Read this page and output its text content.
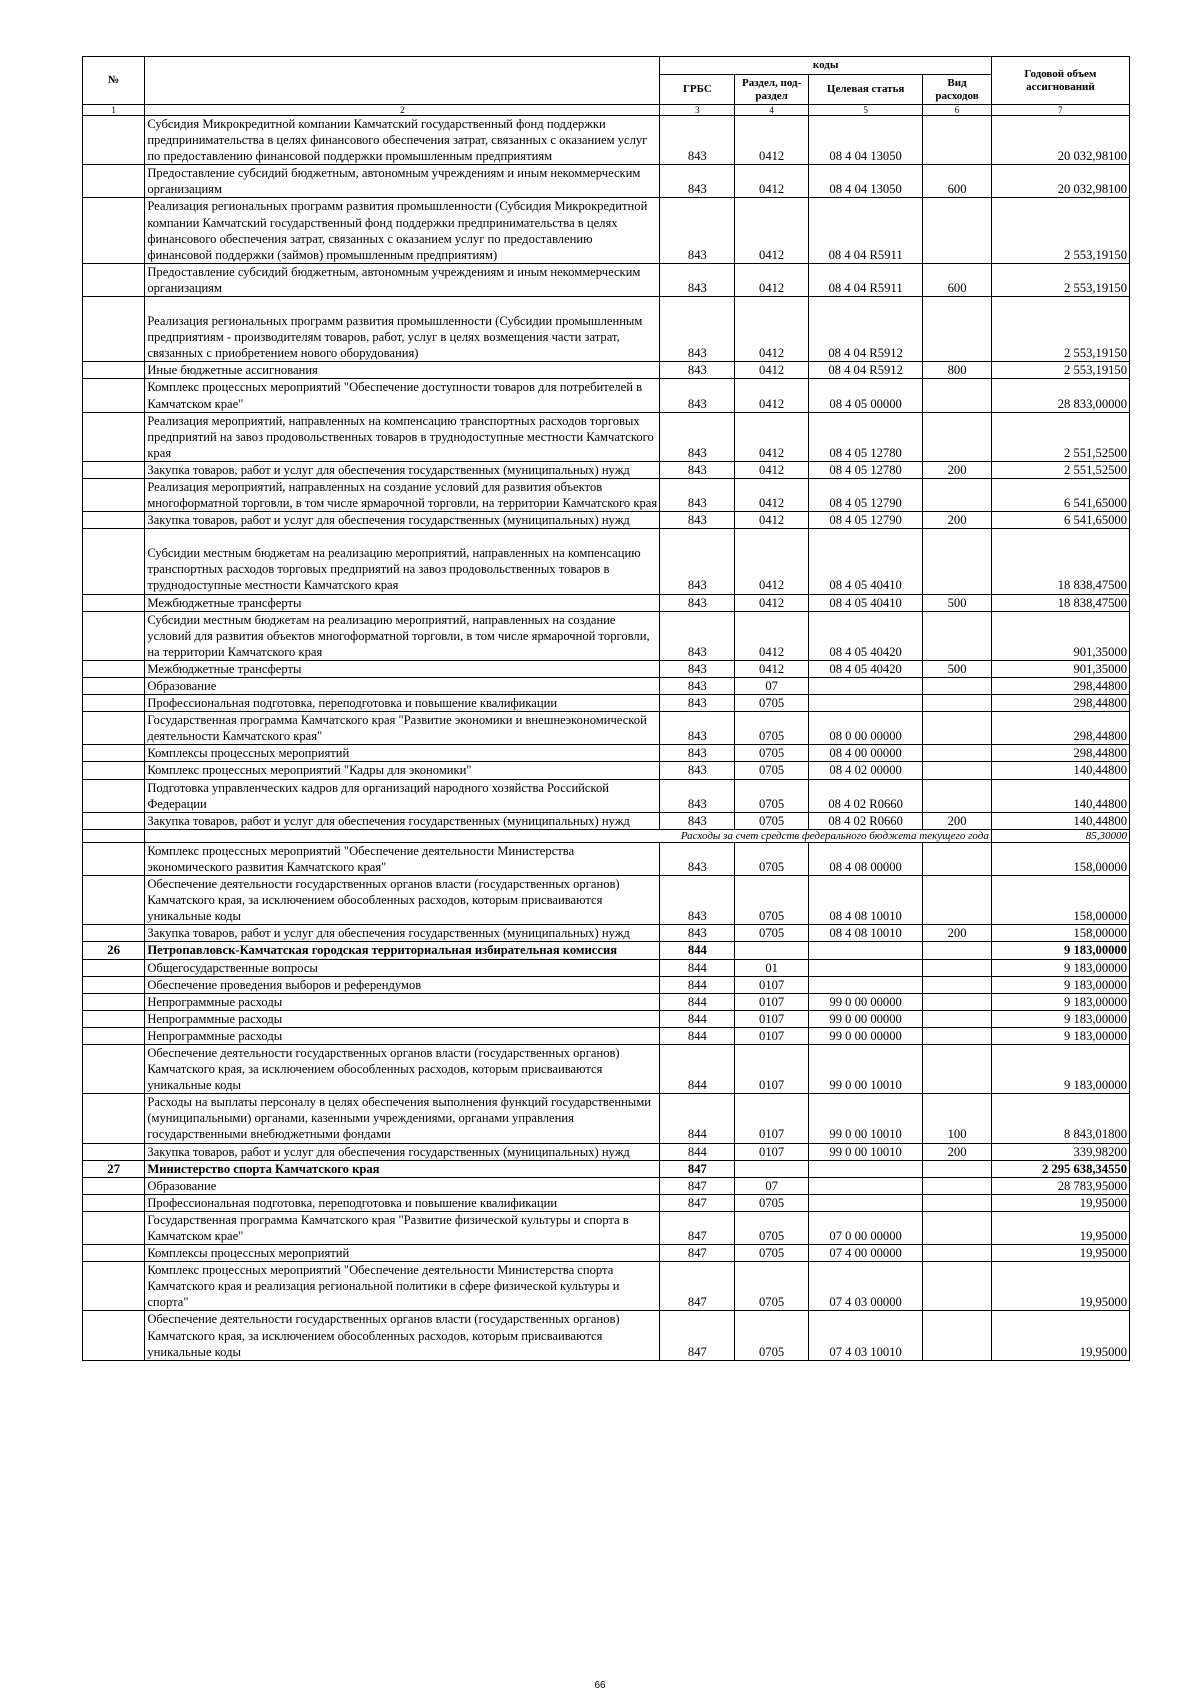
№		коды				Годовой объем ассигнований
		ГРБС	Раздел, под-раздел	Целевая статья	Вид расходов	
1	2	3	4	5	6	7
	Субсидия Микрокредитной компании Камчатский государственный фонд поддержки предпринимательства в целях финансового обеспечения затрат, связанных с оказанием услуг по предоставлению финансовой поддержки промышленным предприятиям	843	0412	08 4 04 13050		20 032,98100
	Предоставление субсидий бюджетным, автономным учреждениям и иным некоммерческим организациям	843	0412	08 4 04 13050	600	20 032,98100
	Реализация региональных программ развития промышленности (Субсидия Микрокредитной компании Камчатский государственный фонд поддержки предпринимательства в целях финансового обеспечения затрат, связанных с оказанием услуг по предоставлению финансовой поддержки (займов) промышленным предприятиям)	843	0412	08 4 04 R5911		2 553,19150
	Предоставление субсидий бюджетным, автономным учреждениям и иным некоммерческим организациям	843	0412	08 4 04 R5911	600	2 553,19150
	Реализация региональных программ развития промышленности (Субсидии промышленным предприятиям - производителям товаров, работ, услуг в целях возмещения части затрат, связанных с приобретением нового оборудования)	843	0412	08 4 04 R5912		2 553,19150
	Иные бюджетные ассигнования	843	0412	08 4 04 R5912	800	2 553,19150
	Комплекс процессных мероприятий "Обеспечение доступности товаров для потребителей в Камчатском крае"	843	0412	08 4 05 00000		28 833,00000
	Реализация мероприятий, направленных на компенсацию транспортных расходов торговых предприятий на завоз продовольственных товаров в труднодоступные местности Камчатского края	843	0412	08 4 05 12780		2 551,52500
	Закупка товаров, работ и услуг для обеспечения государственных (муниципальных) нужд	843	0412	08 4 05 12780	200	2 551,52500
	Реализация мероприятий, направленных на создание условий для развития объектов многоформатной торговли, в том числе ярмарочной торговли, на территории Камчатского края	843	0412	08 4 05 12790		6 541,65000
	Закупка товаров, работ и услуг для обеспечения государственных (муниципальных) нужд	843	0412	08 4 05 12790	200	6 541,65000
	Субсидии местным бюджетам на реализацию мероприятий, направленных на компенсацию транспортных расходов торговых предприятий на завоз продовольственных товаров в труднодоступные местности Камчатского края	843	0412	08 4 05 40410		18 838,47500
	Межбюджетные трансферты	843	0412	08 4 05 40410	500	18 838,47500
	Субсидии местным бюджетам на реализацию мероприятий, направленных на создание условий для развития объектов многоформатной торговли, в том числе ярмарочной торговли, на территории Камчатского края	843	0412	08 4 05 40420		901,35000
	Межбюджетные трансферты	843	0412	08 4 05 40420	500	901,35000
	Образование	843	07			298,44800
	Профессиональная подготовка, переподготовка и повышение квалификации	843	0705			298,44800
	Государственная программа Камчатского края "Развитие экономики и внешнеэкономической деятельности Камчатского края"	843	0705	08 0 00 00000		298,44800
	Комплексы процессных мероприятий	843	0705	08 4 00 00000		298,44800
	Комплекс процессных мероприятий "Кадры для экономики"	843	0705	08 4 02 00000		140,44800
	Подготовка управленческих кадров для организаций народного хозяйства Российской Федерации	843	0705	08 4 02 R0660		140,44800
	Закупка товаров, работ и услуг для обеспечения государственных (муниципальных) нужд	843	0705	08 4 02 R0660	200	140,44800
	Расходы за счет средств федерального бюджета текущего года					85,30000
	Комплекс процессных мероприятий "Обеспечение деятельности Министерства экономического развития Камчатского края"	843	0705	08 4 08 00000		158,00000
	Обеспечение деятельности государственных органов власти (государственных органов) Камчатского края, за исключением обособленных расходов, которым присваиваются уникальные коды	843	0705	08 4 08 10010		158,00000
	Закупка товаров, работ и услуг для обеспечения государственных (муниципальных) нужд	843	0705	08 4 08 10010	200	158,00000
26	Петропавловск-Камчатская городская территориальная избирательная комиссия	844				9 183,00000
	Общегосударственные вопросы	844	01			9 183,00000
	Обеспечение проведения выборов и референдумов	844	0107			9 183,00000
	Непрограммные расходы	844	0107	99 0 00 00000		9 183,00000
	Непрограммные расходы	844	0107	99 0 00 00000		9 183,00000
	Непрограммные расходы	844	0107	99 0 00 00000		9 183,00000
	Обеспечение деятельности государственных органов власти (государственных органов) Камчатского края, за исключением обособленных расходов, которым присваиваются уникальные коды	844	0107	99 0 00 10010		9 183,00000
	Расходы на выплаты персоналу в целях обеспечения выполнения функций государственными (муниципальными) органами, казенными учреждениями, органами управления государственными внебюджетными фондами	844	0107	99 0 00 10010	100	8 843,01800
	Закупка товаров, работ и услуг для обеспечения государственных (муниципальных) нужд	844	0107	99 0 00 10010	200	339,98200
27	Министерство спорта Камчатского края	847				2 295 638,34550
	Образование	847	07			28 783,95000
	Профессиональная подготовка, переподготовка и повышение квалификации	847	0705			19,95000
	Государственная программа Камчатского края "Развитие физической культуры и спорта в Камчатском крае"	847	0705	07 0 00 00000		19,95000
	Комплексы процессных мероприятий	847	0705	07 4 00 00000		19,95000
	Комплекс процессных мероприятий "Обеспечение деятельности Министерства спорта Камчатского края и реализация региональной политики в сфере физической культуры и спорта"	847	0705	07 4 03 00000		19,95000
	Обеспечение деятельности государственных органов власти (государственных органов) Камчатского края, за исключением обособленных расходов, которым присваиваются уникальные коды	847	0705	07 4 03 10010		19,95000
66
